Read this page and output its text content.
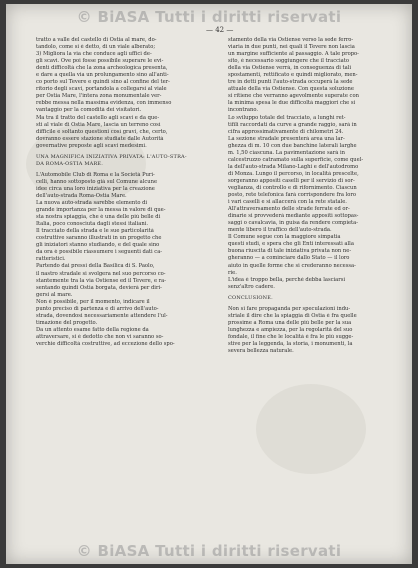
© BiASA Tutti i diritti riservati
— 42 —
tratto a valle del castello di Ostia al mare, do-
tandolo, come si è detto, di un viale alberato;
3) Migliora la via che conduce agli uffici de-
gli scavi. Ove poi fosse possibile superare le evi-
denti difficoltà che la zona archeologica presenta,
e dare a quella via un prolungamento sino all'anti-
co porto sul Tevere e quindi sino al confine del ter-
ritorio degli scavi, portandola a collegarsi al viale
per Ostia Mare, l'intera zona monumentale ver-
rebbe messa nella massima evidenza, con immenso
vantaggio per la comodità dei visitatori.
Ma tra il tratto del castello agli scavi e da que-
sti al viale di Ostia Mare, lascia un terreno così
difficile e soltanto questioni così gravi, che, certo,
dovranno essere stazione studiate dalle Autorità
governative preposte agli scavi medesimi.
UNA MAGNIFICA INIZIATIVA PRIVATA: L'AUTO-STRA-
DA ROMA-OSTIA MARE.
L'Automobile Club di Roma e la Società Puri-
celli, hanno sottoposto già sul Comune alcune
idee circa una loro iniziativa per la creazione
dell'auto-strada Roma-Ostia Mare.
La nuova auto-strada sarebbe elemento di
grande importanza per la messa in valore di que-
sta nostra spiaggia, che è una delle più belle di
Italia, poco conosciuta dagli stessi italiani.
Il tracciato della strada e le sue particolarità
costruttive saranno illustrati in un progetto che
gli iniziatori stanno studiando, e del quale sino
da ora è possibile riassumere i seguenti dati ca-
ratteristici.
Partendo dai pressi della Basilica di S. Paolo,
il nastro stradale si svolgera nel suo percorso co-
stantemente tra la via Ostiense ed il Tevere, e ra-
sentando quindi Ostia borgata, devierà per diri-
gersi al mare.
Non è possibile, per il momento, indicare il
punto preciso di partenza e di arrivo dell'auto-
strada, dovendosi necessariamente attendere l'ul-
timazione del progetto.
Da un attento esame fatto della regione da
attraversare, si è dedotto che non vi saranno so-
verchie difficoltà costruttive, ad eccezione dello spo-
stamento della via Ostiense verso la sede ferro-
viaria in due punti, nei quali il Tevere non lascia
un margine sufficiente al passaggio. A tale propo-
sito, è necessario soggiungere che il tracciato
della via Ostiense verrà, in conseguenza di tali
spostamenti, rettificato e quindi migliorato, men-
tre in detti punti l'auto-strada occuperà la sede
attuale della via Ostiense. Con questa soluzione
si ritiene che verranno agevolmente superate con
la minima spesa le due difficoltà maggiori che si
incontrano.
Lo sviluppo totale del tracciato, a lunghi ret-
tifili raccordati da curve a grande raggio, sarà in
cifra approssimativamente di chilometri 24.
La sezione stradale presenterà area una lar-
ghezza di m. 10 con due banchine laterali larghe
m. 1,50 ciascuna. La pavimentazione sarà in
calcestruzzo catramato sulla superficie, come quel-
la dell'auto-strada Milano-Laghi e dell'autodromo
di Monza. Lungo il percorso, in località prescelte,
sorgeranno appositi caselli per il servizio di sor-
veglianza, di controllo e di rifornimento. Ciascun
posto, rete telefonica farà corrispondere fra loro
i vari caselli e si allaccerà con la rete statale.
All'attraversamento delle strade ferrate ed or-
dinarie si provvederà mediante appositi sottopas-
saggi o cavalcavia, in guisa da rendere compieta-
mente libero il traffico dell'auto-strada.
Il Comune segue con la maggiore simpatia
questi studi, e spera che gli Enti interessati alla
buona riuscita di tale iniziativa privata non ne-
gheranno — a cominciare dallo Stato — il loro
aiuto in quelle forme che si crederanno necessa-
rie.
L'idea è troppo bella, perché debba lasciarsi
senz'altro cadere.
CONCLUSIONE.
Non si fare propaganda per speculazioni indu-
striale il dire che la spiaggia di Ostia è fra quelle
prossime a Roma una delle più belle per la sua
lunghezza e ampiezza, per la regolarità del suo
fondale, il fine che le località è fra le più sugge-
stive per la leggenda, la storia, i monumenti, la
severa bellezza naturale.
© BiASA Tutti i diritti riservati
